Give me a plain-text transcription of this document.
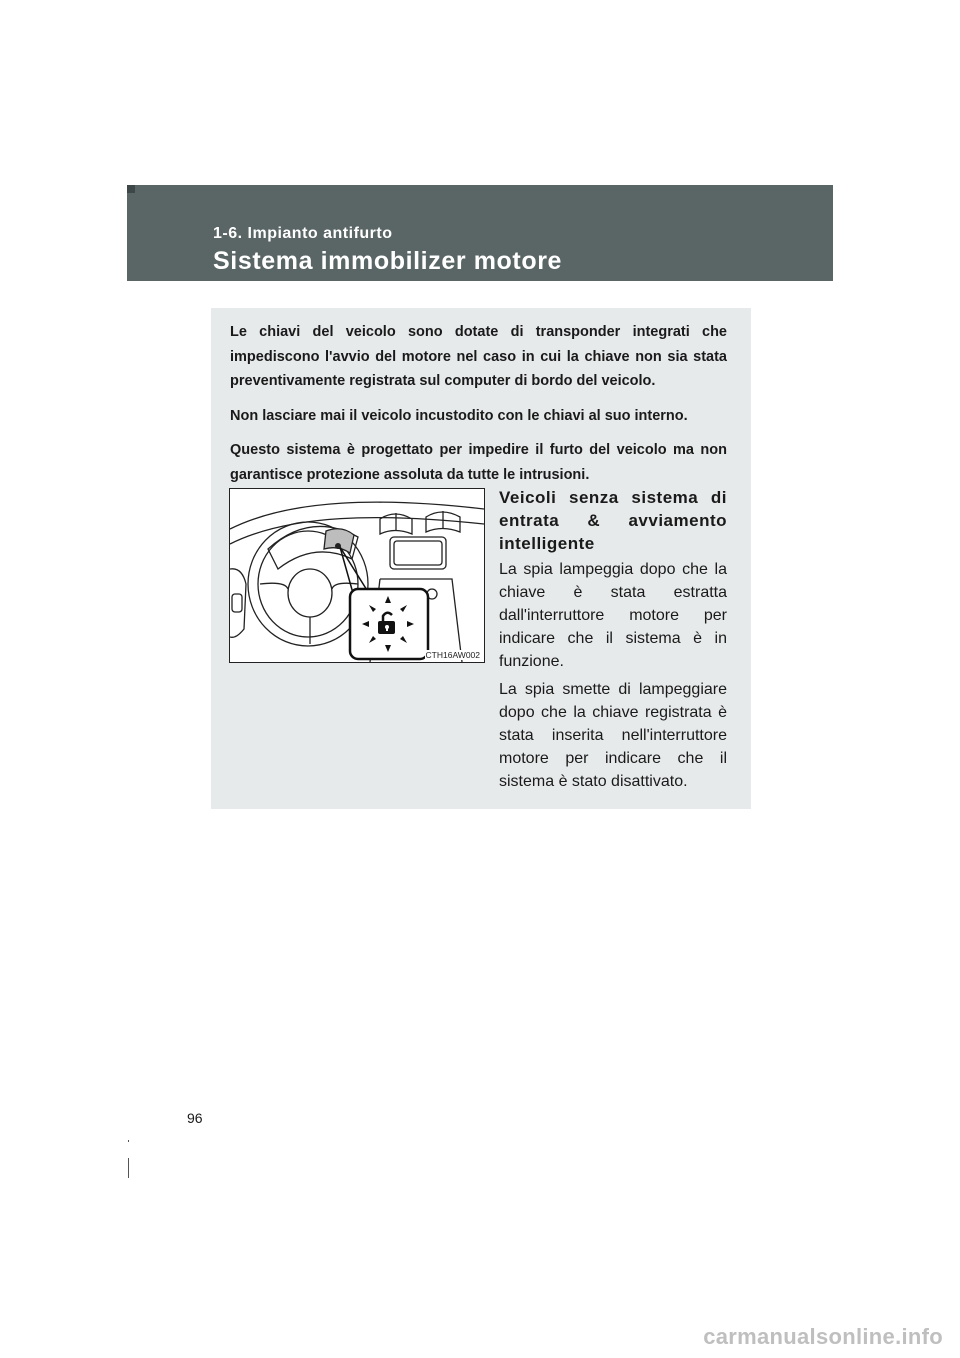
1-6. Impianto antifurto
Sistema immobilizer motore

Le chiavi del veicolo sono dotate di transponder integrati che impediscono l'avvio del motore nel caso in cui la chiave non sia stata preventivamente registrata sul computer di bordo del veicolo.

Non lasciare mai il veicolo incustodito con le chiavi al suo interno.

Questo sistema è progettato per impedire il furto del veicolo ma non garantisce protezione assoluta da tutte le intrusioni.

CTH16AW002
Veicoli senza sistema di entrata & avviamento intelligente

La spia lampeggia dopo che la chiave è stata estratta dall'interruttore motore per indicare che il sistema è in funzione.

La spia smette di lampeggiare dopo che la chiave registrata è stata inserita nell'interruttore motore per indicare che il sistema è stato disattivato.

96
carmanualsonline.info
